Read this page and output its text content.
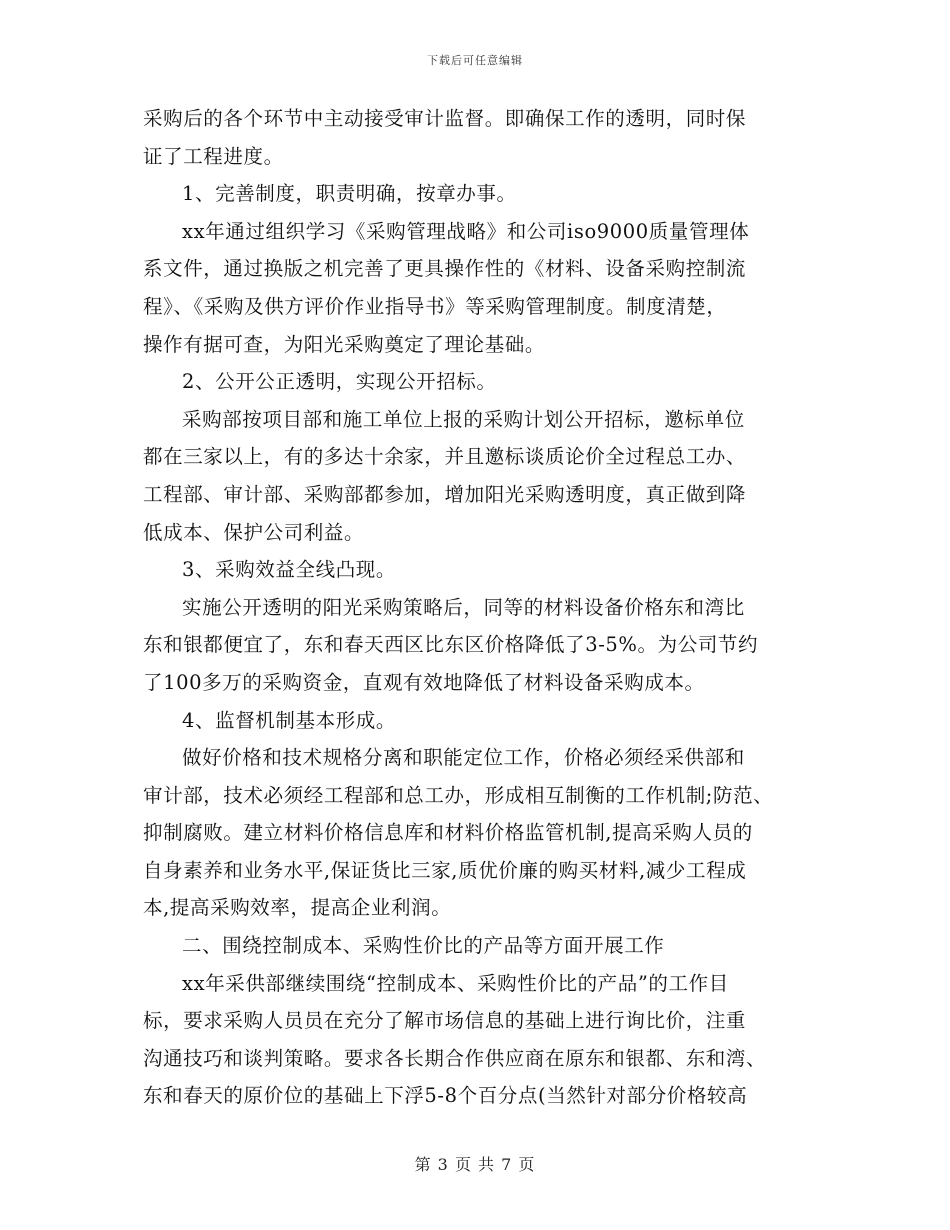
下载后可任意编辑

采购后的各个环节中主动接受审计监督。即确保工作的透明，同时保

证了工程进度。

1、完善制度，职责明确，按章办事。

xx年通过组织学习《采购管理战略》和公司iso9000质量管理体

系文件，通过换版之机完善了更具操作性的《材料、设备采购控制流

程》、《采购及供方评价作业指导书》等采购管理制度。制度清楚，

操作有据可查，为阳光采购奠定了理论基础。

2、公开公正透明，实现公开招标。

采购部按项目部和施工单位上报的采购计划公开招标，邀标单位

都在三家以上，有的多达十余家，并且邀标谈质论价全过程总工办、

工程部、审计部、采购部都参加，增加阳光采购透明度，真正做到降

低成本、保护公司利益。

3、采购效益全线凸现。

实施公开透明的阳光采购策略后，同等的材料设备价格东和湾比

东和银都便宜了，东和春天西区比东区价格降低了3-5%。为公司节约

了100多万的采购资金，直观有效地降低了材料设备采购成本。

4、监督机制基本形成。

做好价格和技术规格分离和职能定位工作，价格必须经采供部和

审计部，技术必须经工程部和总工办，形成相互制衡的工作机制;防范、

抑制腐败。建立材料价格信息库和材料价格监管机制,提高采购人员的

自身素养和业务水平,保证货比三家,质优价廉的购买材料,减少工程成

本,提高采购效率，提高企业利润。

二、围绕控制成本、采购性价比的产品等方面开展工作

xx年采供部继续围绕“控制成本、采购性价比的产品”的工作目

标，要求采购人员员在充分了解市场信息的基础上进行询比价，注重

沟通技巧和谈判策略。要求各长期合作供应商在原东和银都、东和湾、

东和春天的原价位的基础上下浮5-8个百分点(当然针对部分价格较高

第 3 页 共 7 页
